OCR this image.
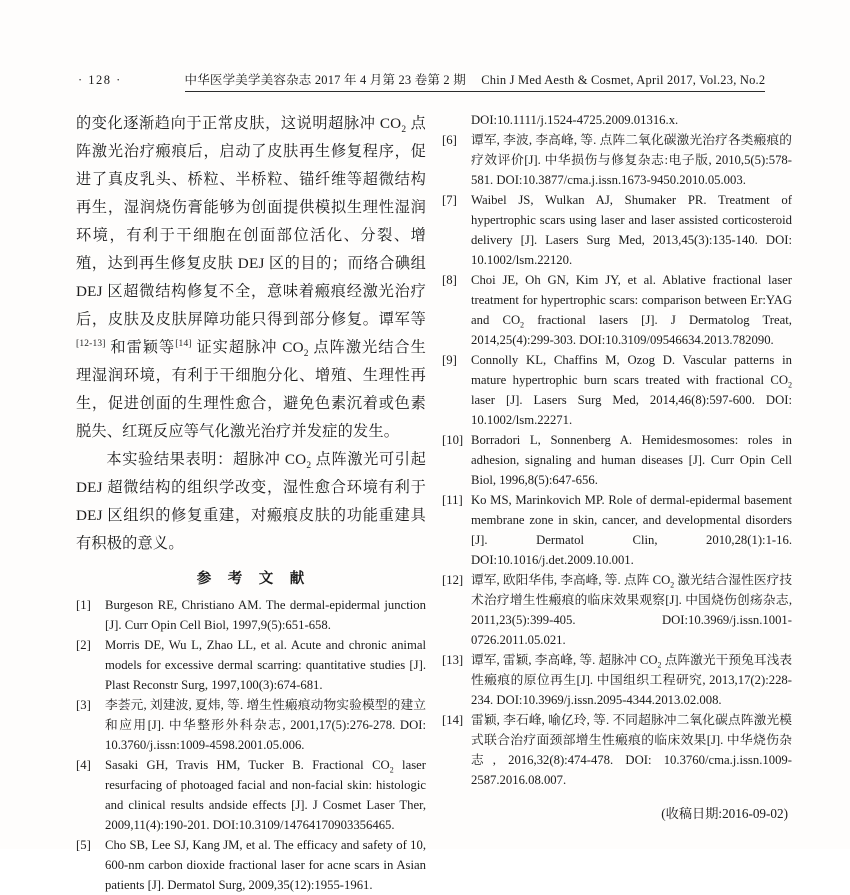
· 128 ·	中华医学美学美容杂志 2017 年 4 月第 23 卷第 2 期 Chin J Med Aesth & Cosmet, April 2017, Vol.23, No.2

的变化逐渐趋向于正常皮肤，这说明超脉冲 $CO_2$ 点阵激光治疗瘢痕后，启动了皮肤再生修复程序，促进了真皮乳头、桥粒、半桥粒、锚纤维等超微结构再生，湿润烧伤膏能够为创面提供模拟生理性湿润环境，有利于干细胞在创面部位活化、分裂、增殖，达到再生修复皮肤 DEJ 区的目的；而络合碘组 DEJ 区超微结构修复不全，意味着瘢痕经激光治疗后，皮肤及皮肤屏障功能只得到部分修复。谭军等[12-13] 和雷颖等[14] 证实超脉冲 $CO_2$ 点阵激光结合生理湿润环境，有利于干细胞分化、增殖、生理性再生，促进创面的生理性愈合，避免色素沉着或色素脱失、红斑反应等气化激光治疗并发症的发生。

本实验结果表明：超脉冲 $CO_2$ 点阵激光可引起 DEJ 超微结构的组织学改变，湿性愈合环境有利于 DEJ 区组织的修复重建，对瘢痕皮肤的功能重建具有积极的意义。

参　考　文　献
[1] Burgeson RE, Christiano AM. The dermal-epidermal junction [J]. Curr Opin Cell Biol, 1997,9(5):651-658.
[2] Morris DE, Wu L, Zhao LL, et al. Acute and chronic animal models for excessive dermal scarring: quantitative studies [J]. Plast Reconstr Surg, 1997,100(3):674-681.
[3] 李荟元, 刘建波, 夏炜, 等. 增生性瘢痕动物实验模型的建立和应用[J]. 中华整形外科杂志, 2001,17(5):276-278. DOI: 10.3760/j.issn:1009-4598.2001.05.006.
[4] Sasaki GH, Travis HM, Tucker B. Fractional $CO_2$ laser resurfacing of photoaged facial and non-facial skin: histologic and clinical results andside effects [J]. J Cosmet Laser Ther, 2009,11(4):190-201. DOI:10.3109/14764170903356465.
[5] Cho SB, Lee SJ, Kang JM, et al. The efficacy and safety of 10, 600-nm carbon dioxide fractional laser for acne scars in Asian patients [J]. Dermatol Surg, 2009,35(12):1955-1961.
DOI:10.1111/j.1524-4725.2009.01316.x.
[6] 谭军, 李波, 李高峰, 等. 点阵二氧化碳激光治疗各类瘢痕的疗效评价[J]. 中华损伤与修复杂志:电子版, 2010,5(5):578-581. DOI:10.3877/cma.j.issn.1673-9450.2010.05.003.
[7] Waibel JS, Wulkan AJ, Shumaker PR. Treatment of hypertrophic scars using laser and laser assisted corticosteroid delivery [J]. Lasers Surg Med, 2013,45(3):135-140. DOI: 10.1002/lsm.22120.
[8] Choi JE, Oh GN, Kim JY, et al. Ablative fractional laser treatment for hypertrophic scars: comparison between Er:YAG and $CO_2$ fractional lasers [J]. J Dermatolog Treat, 2014,25(4):299-303. DOI:10.3109/09546634.2013.782090.
[9] Connolly KL, Chaffins M, Ozog D. Vascular patterns in mature hypertrophic burn scars treated with fractional $CO_2$ laser [J]. Lasers Surg Med, 2014,46(8):597-600. DOI: 10.1002/lsm.22271.
[10] Borradori L, Sonnenberg A. Hemidesmosomes: roles in adhesion, signaling and human diseases [J]. Curr Opin Cell Biol, 1996,8(5):647-656.
[11] Ko MS, Marinkovich MP. Role of dermal-epidermal basement membrane zone in skin, cancer, and developmental disorders [J]. Dermatol Clin, 2010,28(1):1-16. DOI:10.1016/j.det.2009.10.001.
[12] 谭军, 欧阳华伟, 李高峰, 等. 点阵 $CO_2$ 激光结合湿性医疗技术治疗增生性瘢痕的临床效果观察[J]. 中国烧伤创疡杂志, 2011,23(5):399-405. DOI:10.3969/j.issn.1001-0726.2011.05.021.
[13] 谭军, 雷颖, 李高峰, 等. 超脉冲 $CO_2$ 点阵激光干预兔耳浅表性瘢痕的原位再生[J]. 中国组织工程研究, 2013,17(2):228-234. DOI:10.3969/j.issn.2095-4344.2013.02.008.
[14] 雷颖, 李石峰, 喻亿玲, 等. 不同超脉冲二氧化碳点阵激光模式联合治疗面颈部增生性瘢痕的临床效果[J]. 中华烧伤杂志, 2016,32(8):474-478. DOI: 10.3760/cma.j.issn.1009-2587.2016.08.007.
(收稿日期:2016-09-02)
